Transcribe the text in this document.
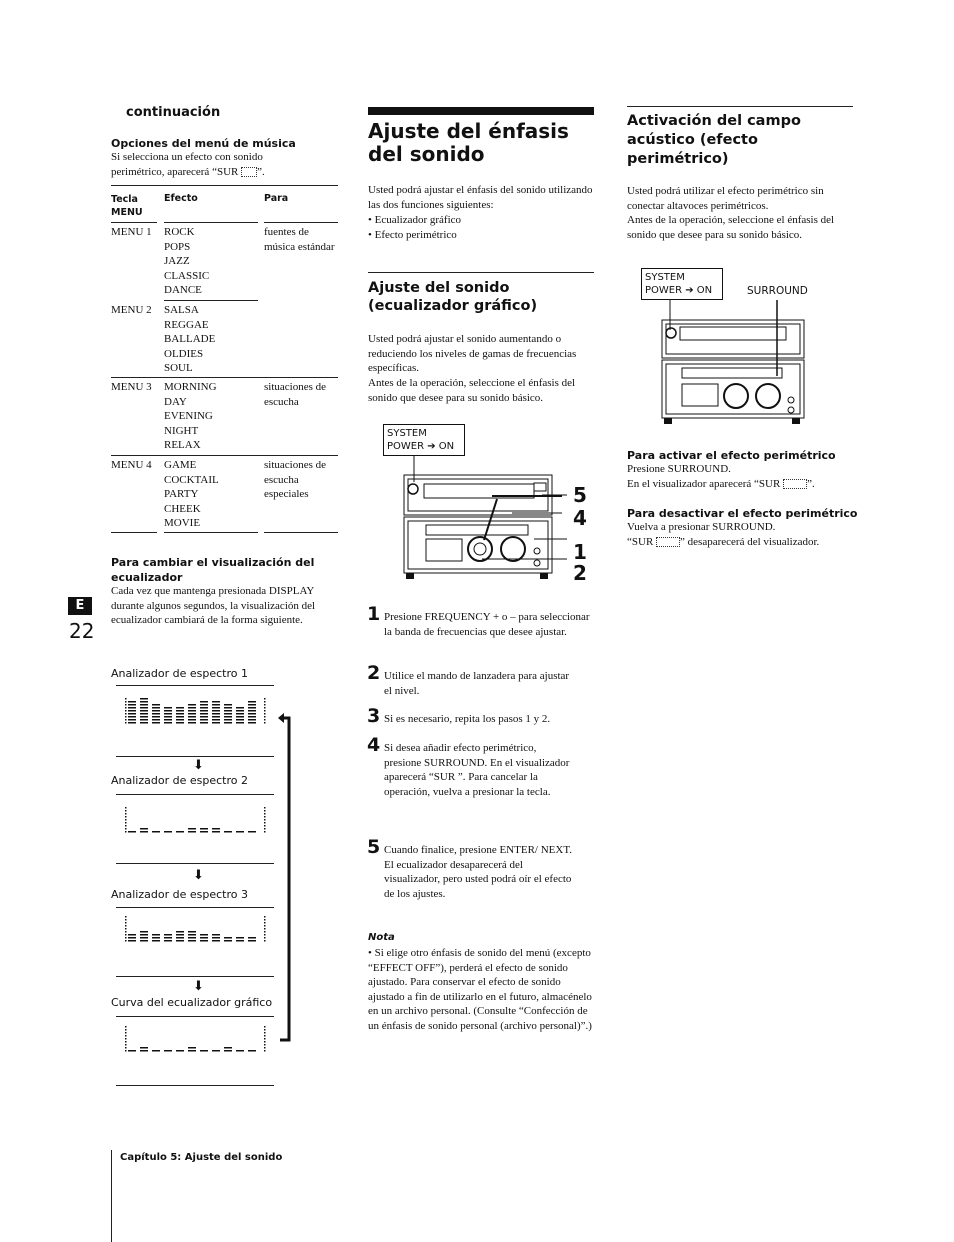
continuación
Opciones del menú de música
Si selecciona un efecto con sonido perimétrico, aparecerá “SUR ”.
Tecla MENU
Efecto	Para
MENU 1 ROCK
POPS
JAZZ
CLASSIC
DANCE
fuentes de música estándar
MENU 2 SALSA
REGGAE
BALLADE
OLDIES
SOUL
MENU 3 MORNING
DAY
EVENING
NIGHT
RELAX
situaciones de escucha
MENU 4 GAME
COCKTAIL
PARTY
CHEEK
MOVIE
situaciones de escucha especiales
Para cambiar el visualización del ecualizador
Cada vez que mantenga presionada DISPLAY durante algunos segundos, la visualización del ecualizador cambiará de la forma siguiente.
E
22
Analizador de espectro 1
⬇
Analizador de espectro 2
⬇
Analizador de espectro 3
⬇
Curva del ecualizador gráfico
Capítulo 5: Ajuste del sonido
Ajuste del énfasis del sonido
Usted podrá ajustar el énfasis del sonido utilizando las dos funciones siguientes:
• Ecualizador gráfico
• Efecto perimétrico
Ajuste del sonido (ecualizador gráfico)
Usted podrá ajustar el sonido aumentando o reduciendo los niveles de gamas de frecuencias específicas.
Antes de la operación, seleccione el énfasis del sonido que desee para su sonido básico.
SYSTEM POWER ➔ ON
5
4
1
2
1 Presione FREQUENCY + o – para seleccionar la banda de frecuencias que desee ajustar.
2 Utilice el mando de lanzadera para ajustar el nivel.
3 Si es necesario, repita los pasos 1 y 2.
4 Si desea añadir efecto perimétrico, presione SURROUND. En el visualizador aparecerá “SUR ”. Para cancelar la operación, vuelva a presionar la tecla.
5 Cuando finalice, presione ENTER/ NEXT. El ecualizador desaparecerá del visualizador, pero usted podrá oír el efecto de los ajustes.
Nota
• Si elige otro énfasis de sonido del menú (excepto “EFFECT OFF”), perderá el efecto de sonido ajustado. Para conservar el efecto de sonido ajustado a fin de utilizarlo en el futuro, almacénelo en un archivo personal. (Consulte “Confección de un énfasis de sonido personal (archivo personal)”.)
Activación del campo acústico (efecto perimétrico)
Usted podrá utilizar el efecto perimétrico sin conectar altavoces perimétricos.
Antes de la operación, seleccione el énfasis del sonido que desee para su sonido básico.
SYSTEM POWER ➔ ON	SURROUND
Para activar el efecto perimétrico
Presione SURROUND.
En el visualizador aparecerá “SUR ”.
Para desactivar el efecto perimétrico
Vuelva a presionar SURROUND.
“SUR ” desaparecerá del visualizador.
